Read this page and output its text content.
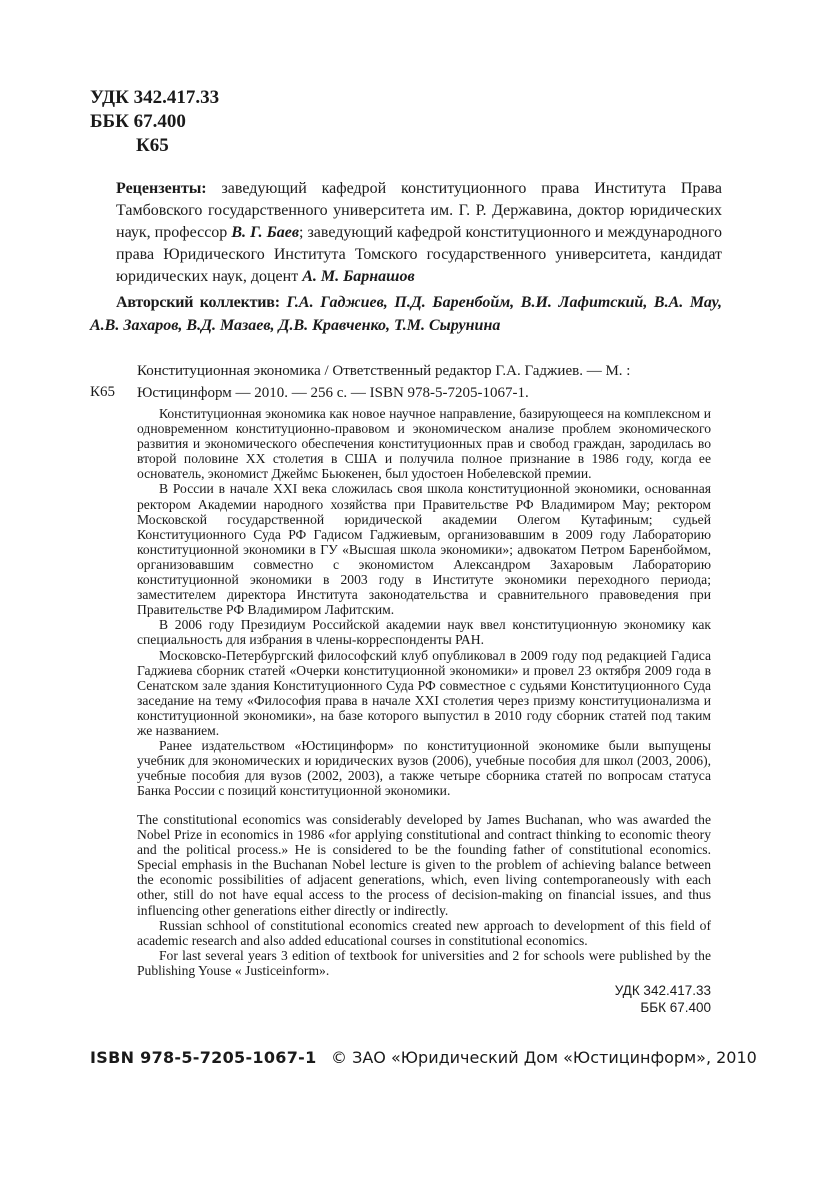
УДК 342.417.33
ББК 67.400
К65
Рецензенты: заведующий кафедрой конституционного права Института Права Тамбовского государственного университета им. Г. Р. Державина, доктор юридических наук, профессор В. Г. Баев; заведующий кафедрой конституционного и международного права Юридического Института Томского государственного университета, кандидат юридических наук, доцент А. М. Барнашов
Авторский коллектив: Г.А. Гаджиев, П.Д. Баренбойм, В.И. Лафитский, В.А. Мау, А.В. Захаров, В.Д. Мазаев, Д.В. Кравченко, Т.М. Сырунина
К65

Конституционная экономика / Ответственный редактор Г.А. Гаджиев. — М. :

Юстицинформ — 2010. — 256 с. — ISBN 978-5-7205-1067-1.

Конституционная экономика как новое научное направление, базирующееся на комплексном и одновременном конституционно-правовом и экономическом анализе проблем экономического развития и экономического обеспечения конституционных прав и свобод граждан, зародилась во второй половине XX столетия в США и получила полное признание в 1986 году, когда ее основатель, экономист Джеймс Бьюкенен, был удостоен Нобелевской премии.

В России в начале XXI века сложилась своя школа конституционной экономики, основанная ректором Академии народного хозяйства при Правительстве РФ Владимиром Мау; ректором Московской государственной юридической академии Олегом Кутафиным; судьей Конституционного Суда РФ Гадисом Гаджиевым, организовавшим в 2009 году Лабораторию конституционной экономики в ГУ «Высшая школа экономики»; адвокатом Петром Баренбоймом, организовавшим совместно с экономистом Александром Захаровым Лабораторию конституционной экономики в 2003 году в Институте экономики переходного периода; заместителем директора Института законодательства и сравнительного правоведения при Правительстве РФ Владимиром Лафитским.

В 2006 году Президиум Российской академии наук ввел конституционную экономику как специальность для избрания в члены-корреспонденты РАН.

Московско-Петербургский философский клуб опубликовал в 2009 году под редакцией Гадиса Гаджиева сборник статей «Очерки конституционной экономики» и провел 23 октября 2009 года в Сенатском зале здания Конституционного Суда РФ совместное с судьями Конституционного Суда заседание на тему «Философия права в начале XXI столетия через призму конституционализма и конституционной экономики», на базе которого выпустил в 2010 году сборник статей под таким же названием.

Ранее издательством «Юстицинформ» по конституционной экономике были выпущены учебник для экономических и юридических вузов (2006), учебные пособия для школ (2003, 2006), учебные пособия для вузов (2002, 2003), а также четыре сборника статей по вопросам статуса Банка России с позиций конституционной экономики.

The constitutional economics was considerably developed by James Buchanan, who was awarded the Nobel Prize in economics in 1986 «for applying constitutional and contract thinking to economic theory and the political process.» He is considered to be the founding father of constitutional economics. Special emphasis in the Buchanan Nobel lecture is given to the problem of achieving balance between the economic possibilities of adjacent generations, which, even living contemporaneously with each other, still do not have equal access to the process of decision-making on financial issues, and thus influencing other generations either directly or indirectly.

Russian schhool of constitutional economics created new approach to development of this field of academic research and also added educational courses in constitutional economics.

For last several years 3 edition of textbook for universities and 2 for schools were published by the Publishing Youse « Justiceinform».

УДК 342.417.33
ББК 67.400
ISBN 978-5-7205-1067-1 © ЗАО «Юридический Дом «Юстицинформ», 2010
